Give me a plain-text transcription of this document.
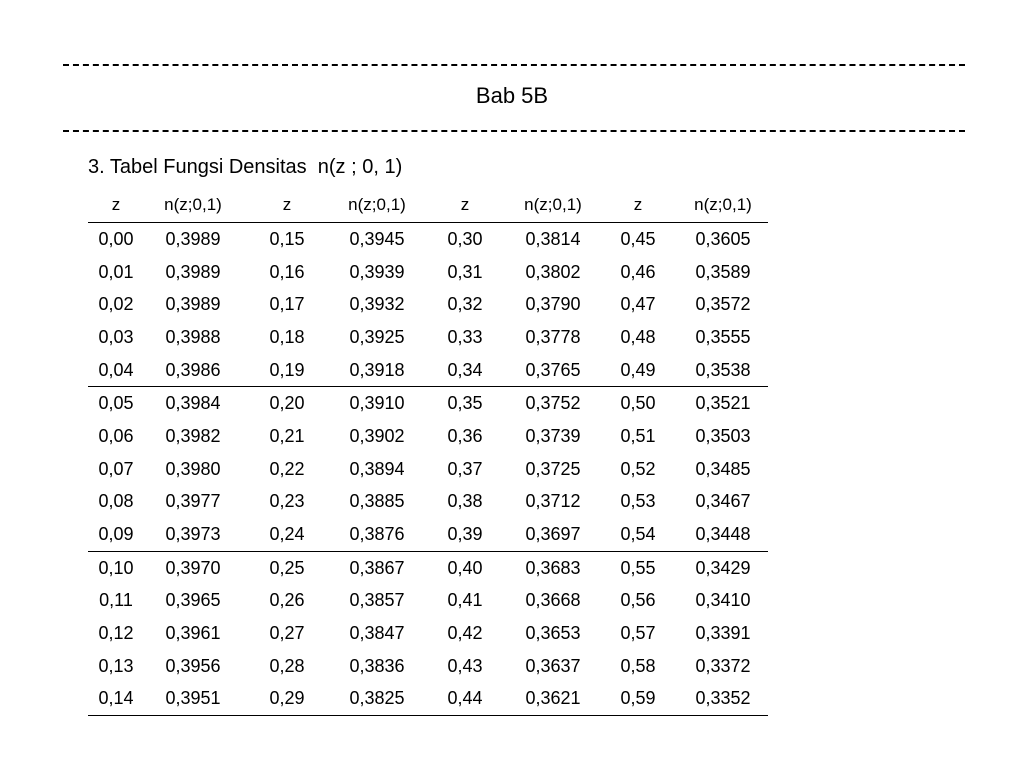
Bab 5B
3. Tabel Fungsi Densitas  n(z ; 0, 1)
z	n(z;0,1)	z	n(z;0,1)	z	n(z;0,1)	z	n(z;0,1)
0,00	0,3989	0,15	0,3945	0,30	0,3814	0,45	0,3605
0,01	0,3989	0,16	0,3939	0,31	0,3802	0,46	0,3589
0,02	0,3989	0,17	0,3932	0,32	0,3790	0,47	0,3572
0,03	0,3988	0,18	0,3925	0,33	0,3778	0,48	0,3555
0,04	0,3986	0,19	0,3918	0,34	0,3765	0,49	0,3538
0,05	0,3984	0,20	0,3910	0,35	0,3752	0,50	0,3521
0,06	0,3982	0,21	0,3902	0,36	0,3739	0,51	0,3503
0,07	0,3980	0,22	0,3894	0,37	0,3725	0,52	0,3485
0,08	0,3977	0,23	0,3885	0,38	0,3712	0,53	0,3467
0,09	0,3973	0,24	0,3876	0,39	0,3697	0,54	0,3448
0,10	0,3970	0,25	0,3867	0,40	0,3683	0,55	0,3429
0,11	0,3965	0,26	0,3857	0,41	0,3668	0,56	0,3410
0,12	0,3961	0,27	0,3847	0,42	0,3653	0,57	0,3391
0,13	0,3956	0,28	0,3836	0,43	0,3637	0,58	0,3372
0,14	0,3951	0,29	0,3825	0,44	0,3621	0,59	0,3352
